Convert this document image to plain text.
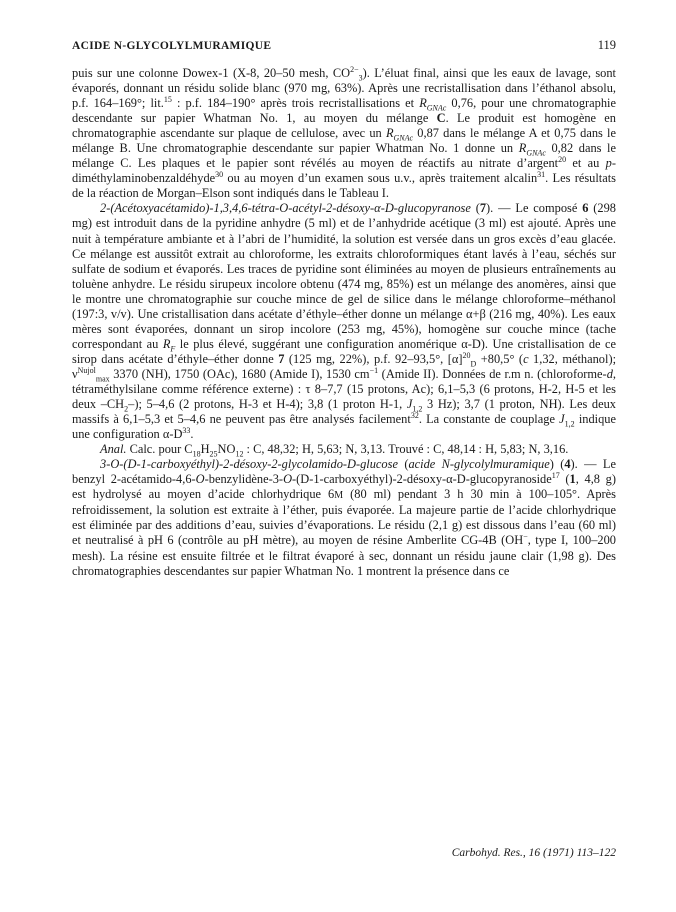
ACIDE N-GLYCOLYLMURAMIQUE	119

puis sur une colonne Dowex-1 (X-8, 20–50 mesh, $CO^{2-}_3$). L’éluat final, ainsi que les eaux de lavage, sont évaporés, donnant un résidu solide blanc (970 mg, 63%). Après une recristallisation dans l’éthanol absolu, p.f. 164–169°; lit.$^{15}$ : p.f. 184–190° après trois recristallisations et $R_{GNAc}$ 0,76, pour une chromatographie descendante sur papier Whatman No. 1, au moyen du mélange C. Le produit est homogène en chromatographie ascendante sur plaque de cellulose, avec un $R_{GNAc}$ 0,87 dans le mélange A et 0,75 dans le mélange B. Une chromatographie descendante sur papier Whatman No. 1 donne un $R_{GNAc}$ 0,82 dans le mélange C. Les plaques et le papier sont révélés au moyen de réactifs au nitrate d’argent$^{20}$ et au p-diméthylaminobenzaldéhyde$^{30}$ ou au moyen d’un examen sous u.v., après traitement alcalin$^{31}$. Les résultats de la réaction de Morgan–Elson sont indiqués dans le Tableau I.

2-(Acétoxyacétamido)-1,3,4,6-tétra-O-acétyl-2-désoxy-α-D-glucopyranose (7). — Le composé 6 (298 mg) est introduit dans de la pyridine anhydre (5 ml) et de l’anhydride acétique (3 ml) est ajouté. Après une nuit à température ambiante et à l’abri de l’humidité, la solution est versée dans un gros excès d’eau glacée. Ce mélange est aussitôt extrait au chloroforme, les extraits chloroformiques étant lavés à l’eau, séchés sur sulfate de sodium et évaporés. Les traces de pyridine sont éliminées au moyen de plusieurs entraînements au toluène anhydre. Le résidu sirupeux incolore obtenu (474 mg, 85%) est un mélange des anomères, ainsi que le montre une chromatographie sur couche mince de gel de silice dans le mélange chloroforme–méthanol (197:3, v/v). Une cristallisation dans acétate d’éthyle–éther donne un mélange α+β (216 mg, 40%). Les eaux mères sont évaporées, donnant un sirop incolore (253 mg, 45%), homogène sur couche mince (tache correspondant au $R_F$ le plus élevé, suggérant une configuration anomérique α-D). Une cristallisation de ce sirop dans acétate d’éthyle–éther donne 7 (125 mg, 22%), p.f. 92–93,5°, $[\alpha]^{20}_D +80,5^\circ$ (c 1,32, méthanol); $\nu^{Nujol}_{max}$ 3370 (NH), 1750 (OAc), 1680 (Amide I), 1530 $cm^{-1}$ (Amide II). Données de r.m n. (chloroforme-d, tétraméthylsilane comme référence externe) : τ 8–7,7 (15 protons, Ac); 6,1–5,3 (6 protons, H-2, H-5 et les deux $-CH_2-$); 5–4,6 (2 protons, H-3 et H-4); 3,8 (1 proton H-1, $J_{1,2}$ 3 Hz); 3,7 (1 proton, NH). Les deux massifs à 6,1–5,3 et 5–4,6 ne peuvent pas être analysés facilement$^{32}$. La constante de couplage $J_{1,2}$ indique une configuration $\alpha-D^{33}$.

Anal. Calc. pour $C_{18}H_{25}NO_{12}$ : C, 48,32; H, 5,63; N, 3,13. Trouvé : C, 48,14 : H, 5,83; N, 3,16.

3-O-(D-1-carboxyéthyl)-2-désoxy-2-glycolamido-D-glucose (acide N-glycolylmuramique) (4). — Le benzyl 2-acétamido-4,6-O-benzylidène-3-O-(D-1-carboxyéthyl)-2-désoxy-α-D-glucopyranoside$^{17}$ (1, 4,8 g) est hydrolysé au moyen d’acide chlorhydrique 6M (80 ml) pendant 3 h 30 min à 100–105°. Après refroidissement, la solution est extraite à l’éther, puis évaporée. La majeure partie de l’acide chlorhydrique est éliminée par des additions d’eau, suivies d’évaporations. Le résidu (2,1 g) est dissous dans l’eau (60 ml) et neutralisé à pH 6 (contrôle au pH mètre), au moyen de résine Amberlite CG-4B (OH−, type I, 100–200 mesh). La résine est ensuite filtrée et le filtrat évaporé à sec, donnant un résidu jaune clair (1,98 g). Des chromatographies descendantes sur papier Whatman No. 1 montrent la présence dans ce

Carbohyd. Res., 16 (1971) 113–122
